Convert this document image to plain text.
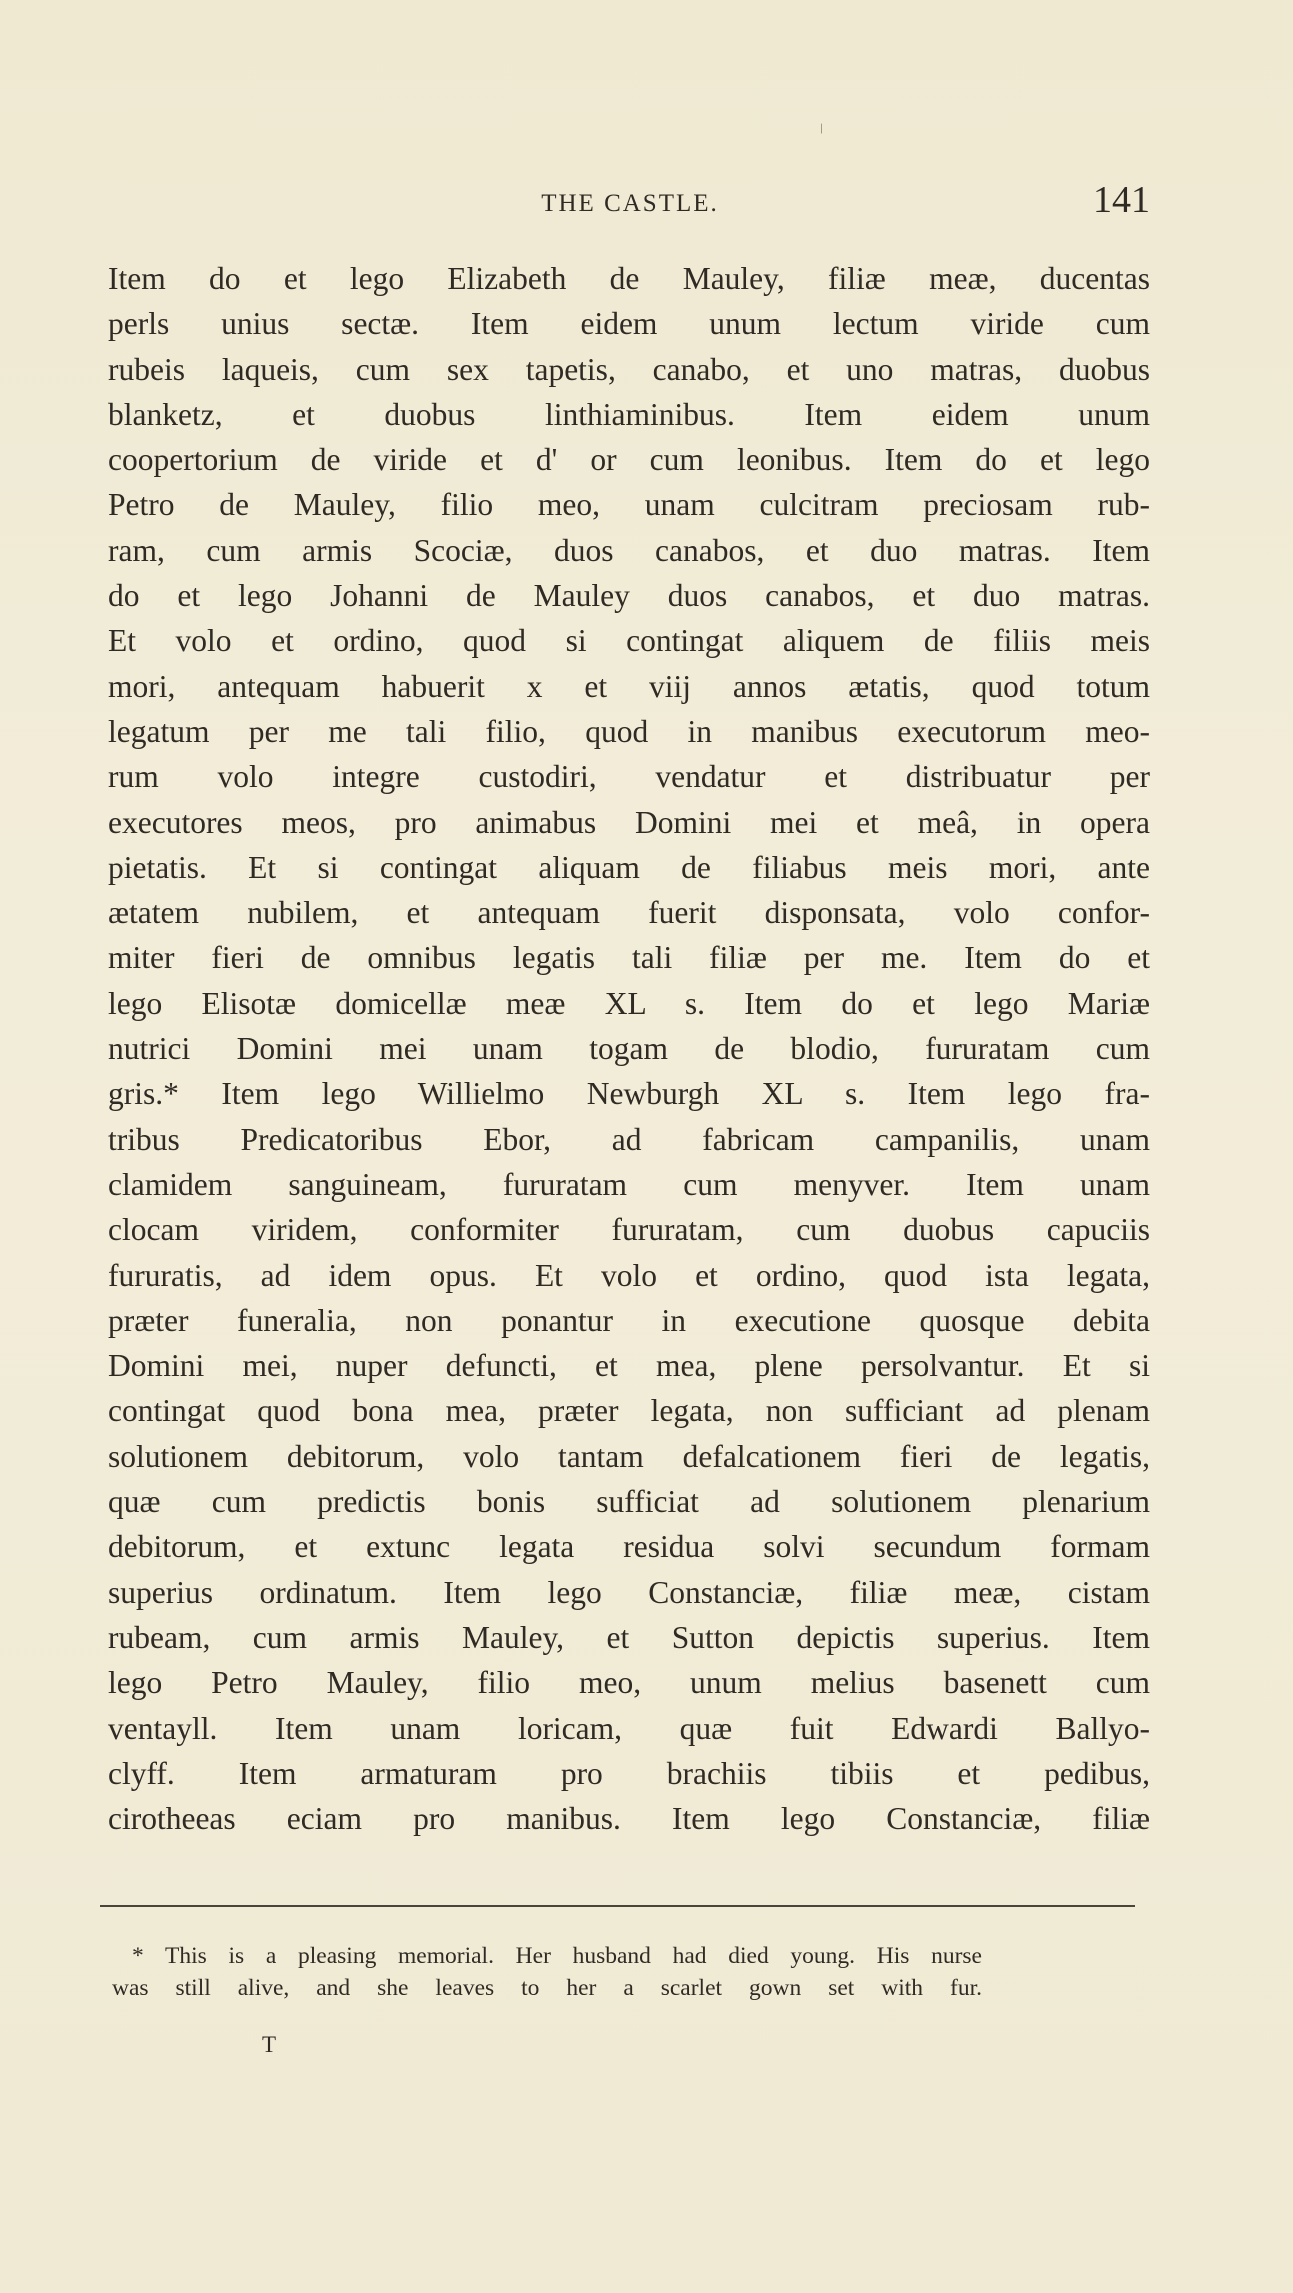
/
THE CASTLE.	141
Item do et lego Elizabeth de Mauley, filiæ meæ, ducentas
perls unius sectæ. Item eidem unum lectum viride cum
rubeis laqueis, cum sex tapetis, canabo, et uno matras, duobus
blanketz, et duobus linthiaminibus. Item eidem unum
coopertorium de viride et d' or cum leonibus. Item do et lego
Petro de Mauley, filio meo, unam culcitram preciosam rub-
ram, cum armis Scociæ, duos canabos, et duo matras. Item
do et lego Johanni de Mauley duos canabos, et duo matras.
Et volo et ordino, quod si contingat aliquem de filiis meis
mori, antequam habuerit x et viij annos ætatis, quod totum
legatum per me tali filio, quod in manibus executorum meo-
rum volo integre custodiri, vendatur et distribuatur per
executores meos, pro animabus Domini mei et meâ, in opera
pietatis. Et si contingat aliquam de filiabus meis mori, ante
ætatem nubilem, et antequam fuerit disponsata, volo confor-
miter fieri de omnibus legatis tali filiæ per me. Item do et
lego Elisotæ domicellæ meæ XL s. Item do et lego Mariæ
nutrici Domini mei unam togam de blodio, fururatam cum
gris.* Item lego Willielmo Newburgh XL s. Item lego fra-
tribus Predicatoribus Ebor, ad fabricam campanilis, unam
clamidem sanguineam, fururatam cum menyver. Item unam
clocam viridem, conformiter fururatam, cum duobus capuciis
fururatis, ad idem opus. Et volo et ordino, quod ista legata,
præter funeralia, non ponantur in executione quosque debita
Domini mei, nuper defuncti, et mea, plene persolvantur. Et si
contingat quod bona mea, præter legata, non sufficiant ad plenam
solutionem debitorum, volo tantam defalcationem fieri de legatis,
quæ cum predictis bonis sufficiat ad solutionem plenarium
debitorum, et extunc legata residua solvi secundum formam
superius ordinatum. Item lego Constanciæ, filiæ meæ, cistam
rubeam, cum armis Mauley, et Sutton depictis superius. Item
lego Petro Mauley, filio meo, unum melius basenett cum
ventayll. Item unam loricam, quæ fuit Edwardi Ballyo-
clyff. Item armaturam pro brachiis tibiis et pedibus,
cirotheeas eciam pro manibus. Item lego Constanciæ, filiæ
* This is a pleasing memorial. Her husband had died young. His nurse
was still alive, and she leaves to her a scarlet gown set with fur.
T
